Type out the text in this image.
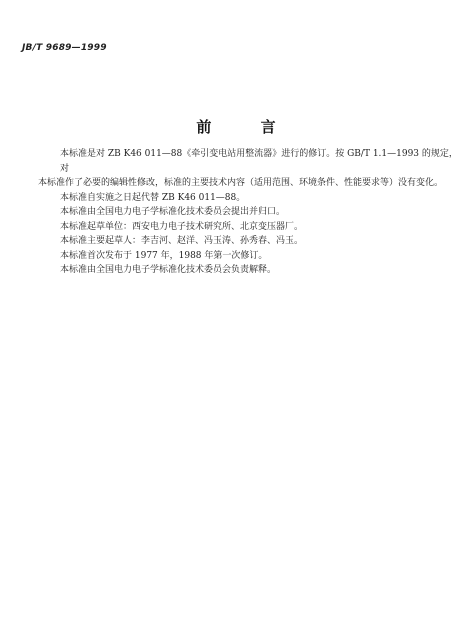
JB/T 9689—1999
前 言

本标准是对 ZB K46 011—88《牵引变电站用整流器》进行的修订。按 GB/T 1.1—1993 的规定，对
本标准作了必要的编辑性修改，标准的主要技术内容（适用范围、环境条件、性能要求等）没有变化。

本标准自实施之日起代替 ZB K46 011—88。

本标准由全国电力电子学标准化技术委员会提出并归口。

本标准起草单位：西安电力电子技术研究所、北京变压器厂。

本标准主要起草人：李吉河、赵洋、冯玉涛、孙秀春、冯玉。

本标准首次发布于 1977 年，1988 年第一次修订。

本标准由全国电力电子学标准化技术委员会负责解释。
